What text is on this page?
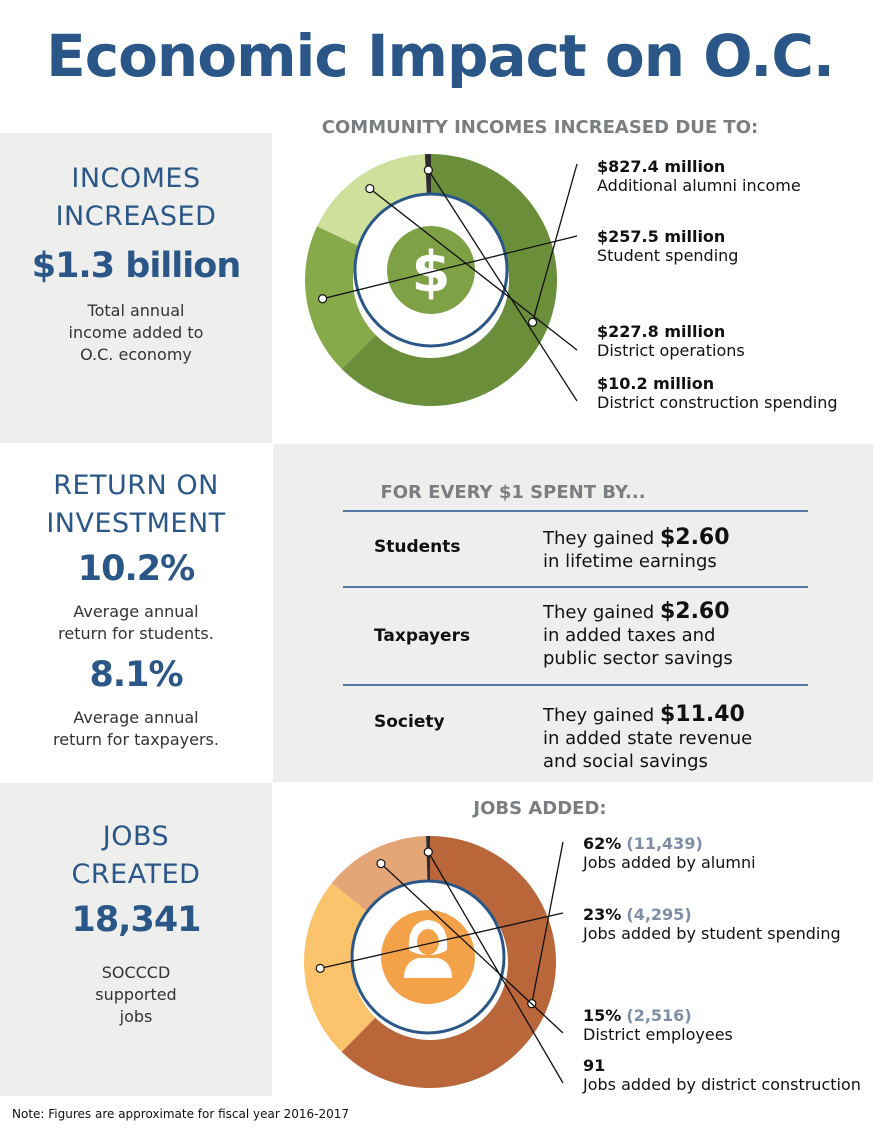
Economic Impact on O.C.
INCOMES
INCREASED
$1.3 billion
Total annual
income added to
O.C. economy
COMMUNITY INCOMES INCREASED DUE TO:
$
$827.4 million
Additional alumni income
$257.5 million
Student spending
$227.8 million
District operations
$10.2 million
District construction spending
RETURN ON
INVESTMENT
10.2%
Average annual
return for students.
8.1%
Average annual
return for taxpayers.
FOR EVERY $1 SPENT BY...
Students	They gained $2.60
in lifetime earnings
Taxpayers
They gained $2.60
in added taxes and
public sector savings
Society	They gained $11.40
in added state revenue
and social savings
JOBS
CREATED
18,341
SOCCCD
supported
jobs
JOBS ADDED:
62% (11,439)
Jobs added by alumni
23% (4,295)
Jobs added by student spending
15% (2,516)
District employees
91
Jobs added by district construction
Note: Figures are approximate for fiscal year 2016-2017
